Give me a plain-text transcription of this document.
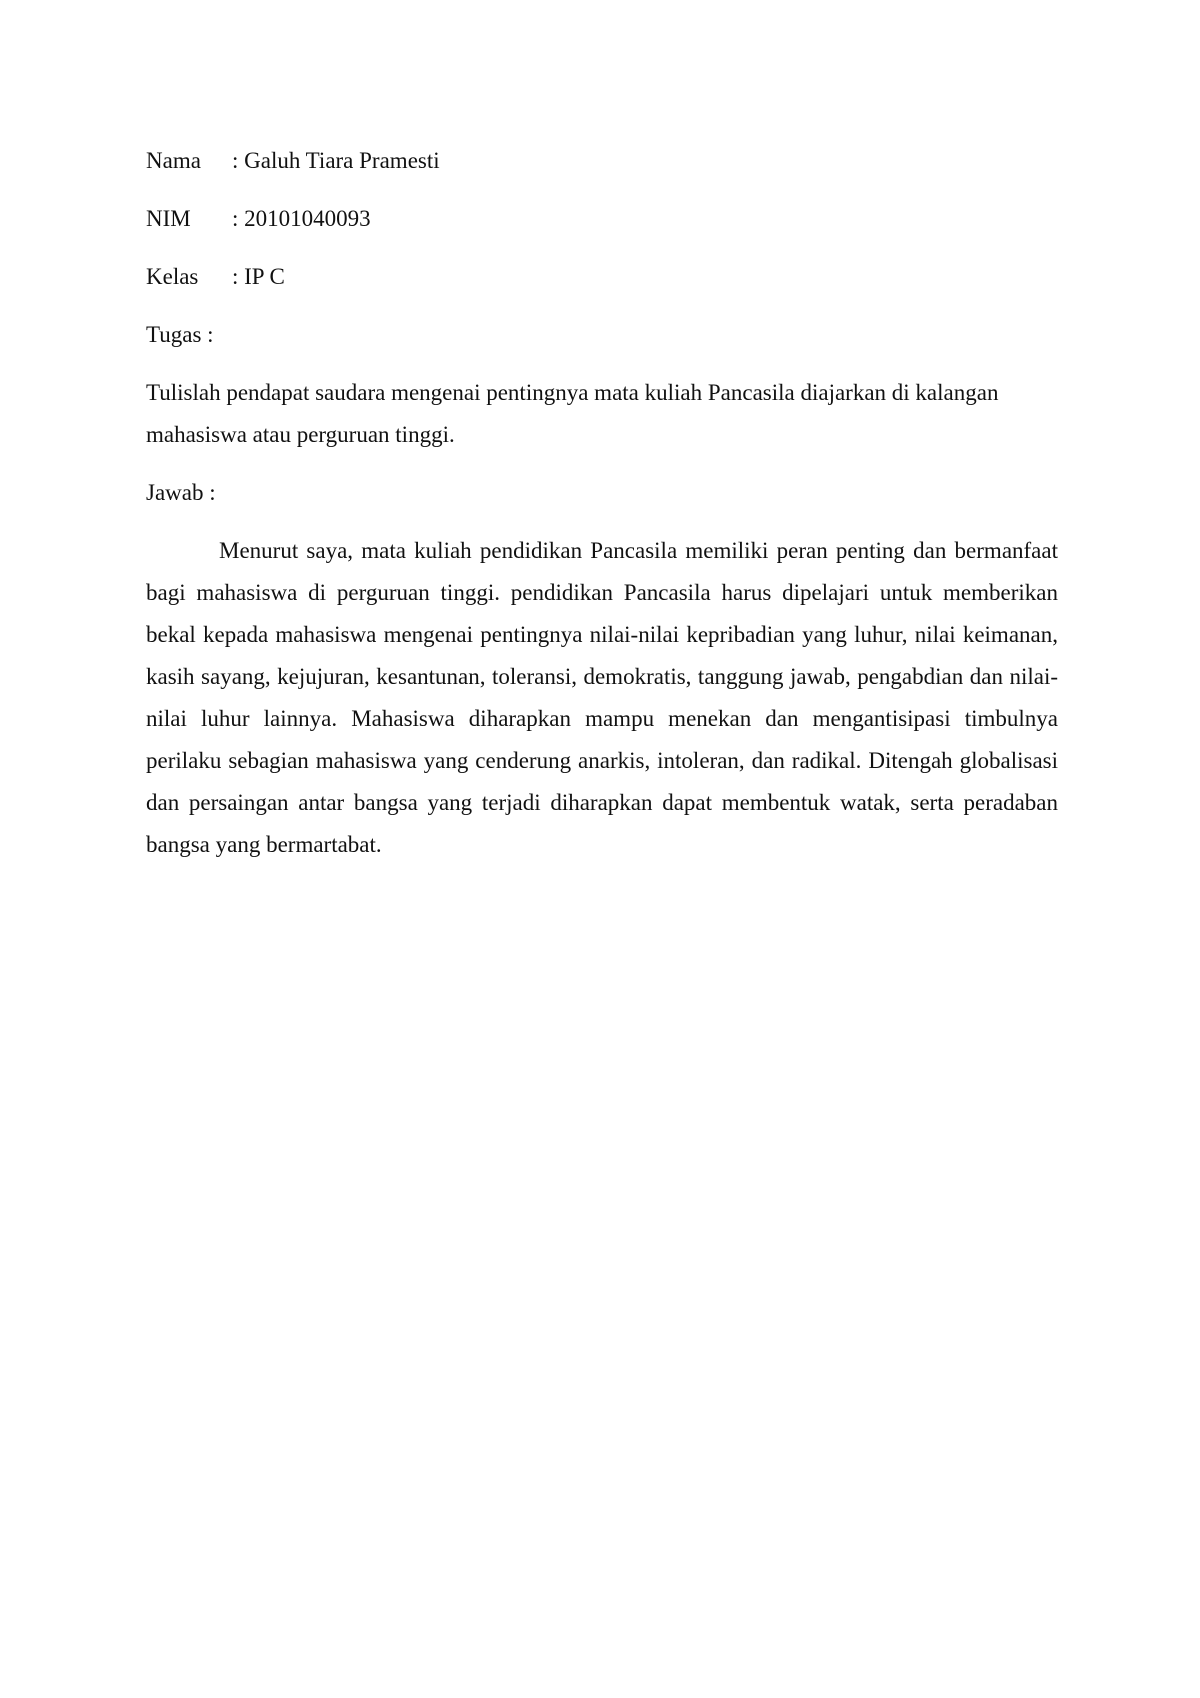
Nama	: Galuh Tiara Pramesti
NIM	: 20101040093
Kelas	: IP C
Tugas :

Tulislah pendapat saudara mengenai pentingnya mata kuliah Pancasila diajarkan di kalangan mahasiswa atau perguruan tinggi.

Jawab :

Menurut saya, mata kuliah pendidikan Pancasila memiliki peran penting dan bermanfaat bagi mahasiswa di perguruan tinggi. pendidikan Pancasila harus dipelajari untuk memberikan bekal kepada mahasiswa mengenai pentingnya nilai-nilai kepribadian yang luhur, nilai keimanan, kasih sayang, kejujuran, kesantunan, toleransi, demokratis, tanggung jawab, pengabdian dan nilai-nilai luhur lainnya. Mahasiswa diharapkan mampu menekan dan mengantisipasi timbulnya perilaku sebagian mahasiswa yang cenderung anarkis, intoleran, dan radikal. Ditengah globalisasi dan persaingan antar bangsa yang terjadi diharapkan dapat membentuk watak, serta peradaban bangsa yang bermartabat.
